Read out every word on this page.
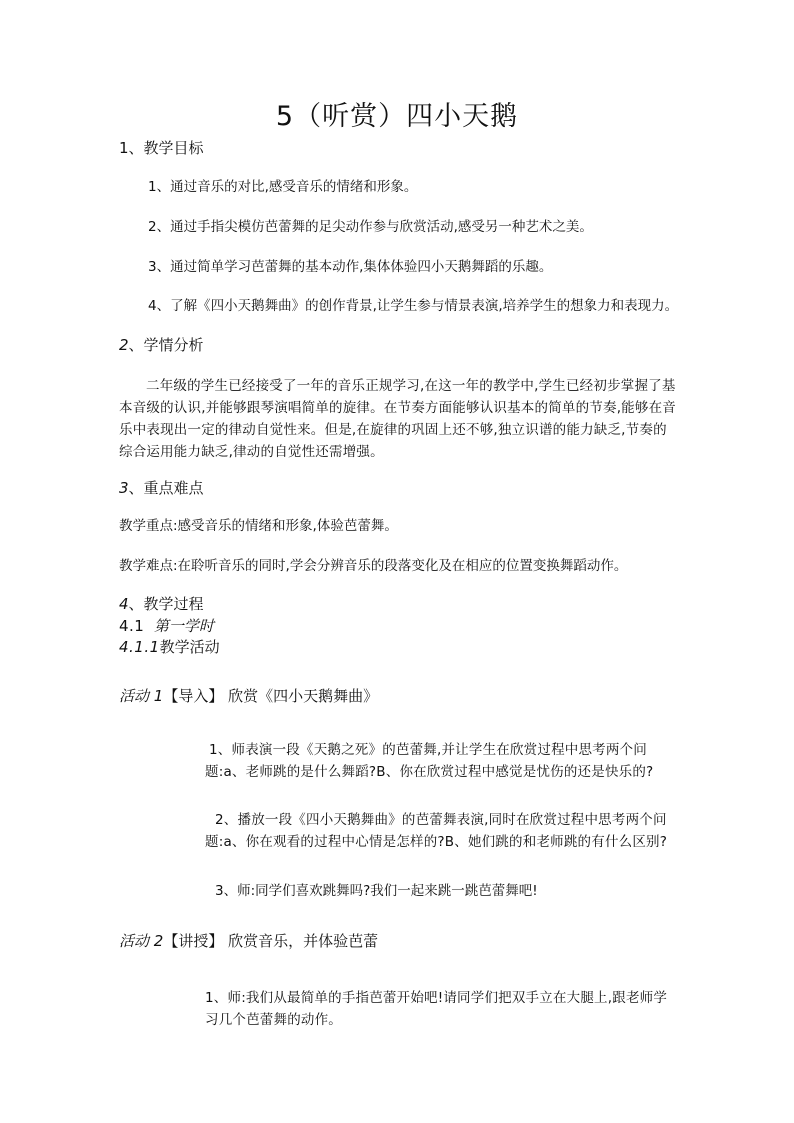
5（听赏）四小天鹅
1、教学目标
1、通过音乐的对比,感受音乐的情绪和形象。
2、通过手指尖模仿芭蕾舞的足尖动作参与欣赏活动,感受另一种艺术之美。
3、通过简单学习芭蕾舞的基本动作,集体体验四小天鹅舞蹈的乐趣。
4、了解《四小天鹅舞曲》的创作背景,让学生参与情景表演,培养学生的想象力和表现力。
2、学情分析
二年级的学生已经接受了一年的音乐正规学习,在这一年的教学中,学生已经初步掌握了基本音级的认识,并能够跟琴演唱简单的旋律。在节奏方面能够认识基本的简单的节奏,能够在音乐中表现出一定的律动自觉性来。但是,在旋律的巩固上还不够,独立识谱的能力缺乏,节奏的综合运用能力缺乏,律动的自觉性还需增强。
3、重点难点
教学重点:感受音乐的情绪和形象,体验芭蕾舞。
教学难点:在聆听音乐的同时,学会分辨音乐的段落变化及在相应的位置变换舞蹈动作。
4、教学过程
4.1 第一学时
4.1.1教学活动
活动 1【导入】 欣赏《四小天鹅舞曲》
1、师表演一段《天鹅之死》的芭蕾舞,并让学生在欣赏过程中思考两个问题:a、老师跳的是什么舞蹈?B、你在欣赏过程中感觉是忧伤的还是快乐的?
2、播放一段《四小天鹅舞曲》的芭蕾舞表演,同时在欣赏过程中思考两个问题:a、你在观看的过程中心情是怎样的?B、她们跳的和老师跳的有什么区别?
3、师:同学们喜欢跳舞吗?我们一起来跳一跳芭蕾舞吧!
活动 2【讲授】 欣赏音乐，并体验芭蕾
1、师:我们从最简单的手指芭蕾开始吧!请同学们把双手立在大腿上,跟老师学习几个芭蕾舞的动作。
